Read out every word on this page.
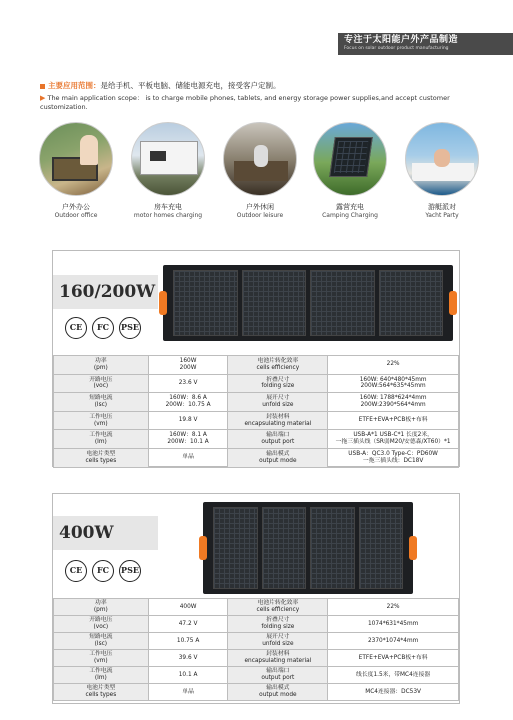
专注于太阳能户外产品制造
Focus on solar outdoor product manufacturing
主要应用范围：是给手机、平板电脑、储能电源充电，接受客户定制。
▶ The main application scope： is to charge mobile phones, tablets, and energy storage power supplies,and accept customer customization.
户外办公
Outdoor office
房车充电
motor homes charging
户外休闲
Outdoor leisure
露营充电
Camping Charging
游艇派对
Yacht Party
160/200W
CE	FC	PSE
功率
(pm)	160W
200W	电池片转化效率
cells efficiency	22%

开路电压
(voc)	23.6 V	折叠尺寸
folding size	160W: 640*480*45mm
200W:564*635*45mm

短路电流
(Isc)	160W：8.6 A
200W：10.75 A	展开尺寸
unfold size	160W: 1788*624*4mm
200W:2390*564*4mm

工作电压
(vm)	19.8 V	封装材料
encapsulating material	ETFE+EVA+PCB板+布料

工作电流
(Im)	160W：8.1 A
200W：10.1 A	输出端口
output port	USB-A*1 USB-C*1 长度2米，
一拖三插头线（SR弱M20/安德森/XT60）*1

电池片类型
cells types	单晶	输出模式
output mode	USB-A：QC3.0 Type-C：PD60W
一拖三插头线：DC18V
400W
CE	FC	PSE
功率
(pm)	400W	电池片转化效率
cells efficiency	22%

开路电压
(voc)	47.2 V	折叠尺寸
folding size	1074*631*45mm

短路电流
(Isc)	10.75 A	展开尺寸
unfold size	2370*1074*4mm

工作电压
(vm)	39.6 V	封装材料
encapsulating material	ETFE+EVA+PCB板+布料

工作电流
(Im)	10.1 A	输出端口
output port	线长度1.5米，带MC4连接器

电池片类型
cells types	单晶	输出模式
output mode	MC4连接器：DC53V
